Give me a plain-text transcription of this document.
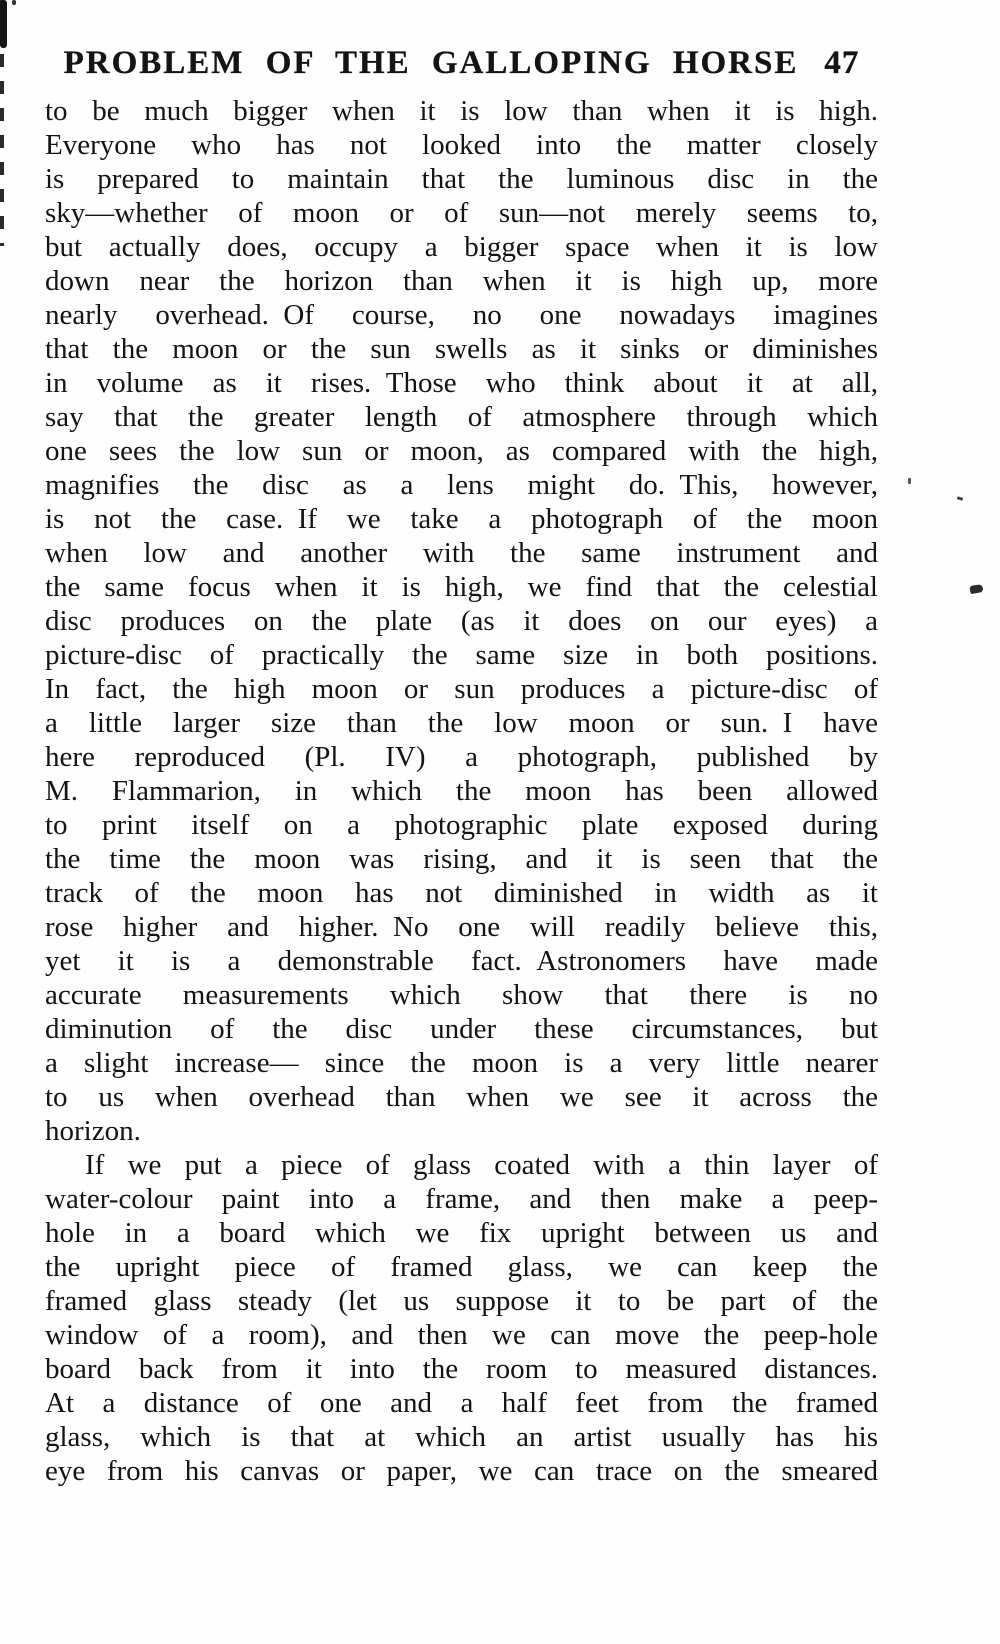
PROBLEM OF THE GALLOPING HORSE 47
to be much bigger when it is low than when it is high.
Everyone who has not looked into the matter closely
is prepared to maintain that the luminous disc in the
sky—whether of moon or of sun—not merely seems to,
but actually does, occupy a bigger space when it is low
down near the horizon than when it is high up, more
nearly overhead. Of course, no one nowadays imagines
that the moon or the sun swells as it sinks or diminishes
in volume as it rises. Those who think about it at all,
say that the greater length of atmosphere through which
one sees the low sun or moon, as compared with the high,
magnifies the disc as a lens might do. This, however,
is not the case. If we take a photograph of the moon
when low and another with the same instrument and
the same focus when it is high, we find that the celestial
disc produces on the plate (as it does on our eyes) a
picture-disc of practically the same size in both positions.
In fact, the high moon or sun produces a picture-disc of
a little larger size than the low moon or sun. I have
here reproduced (Pl. IV) a photograph, published by
M. Flammarion, in which the moon has been allowed
to print itself on a photographic plate exposed during
the time the moon was rising, and it is seen that the
track of the moon has not diminished in width as it
rose higher and higher. No one will readily believe this,
yet it is a demonstrable fact. Astronomers have made
accurate measurements which show that there is no
diminution of the disc under these circumstances, but
a slight increase— since the moon is a very little nearer
to us when overhead than when we see it across the
horizon.
If we put a piece of glass coated with a thin layer of
water-colour paint into a frame, and then make a peep-
hole in a board which we fix upright between us and
the upright piece of framed glass, we can keep the
framed glass steady (let us suppose it to be part of the
window of a room), and then we can move the peep-hole
board back from it into the room to measured distances.
At a distance of one and a half feet from the framed
glass, which is that at which an artist usually has his
eye from his canvas or paper, we can trace on the smeared
